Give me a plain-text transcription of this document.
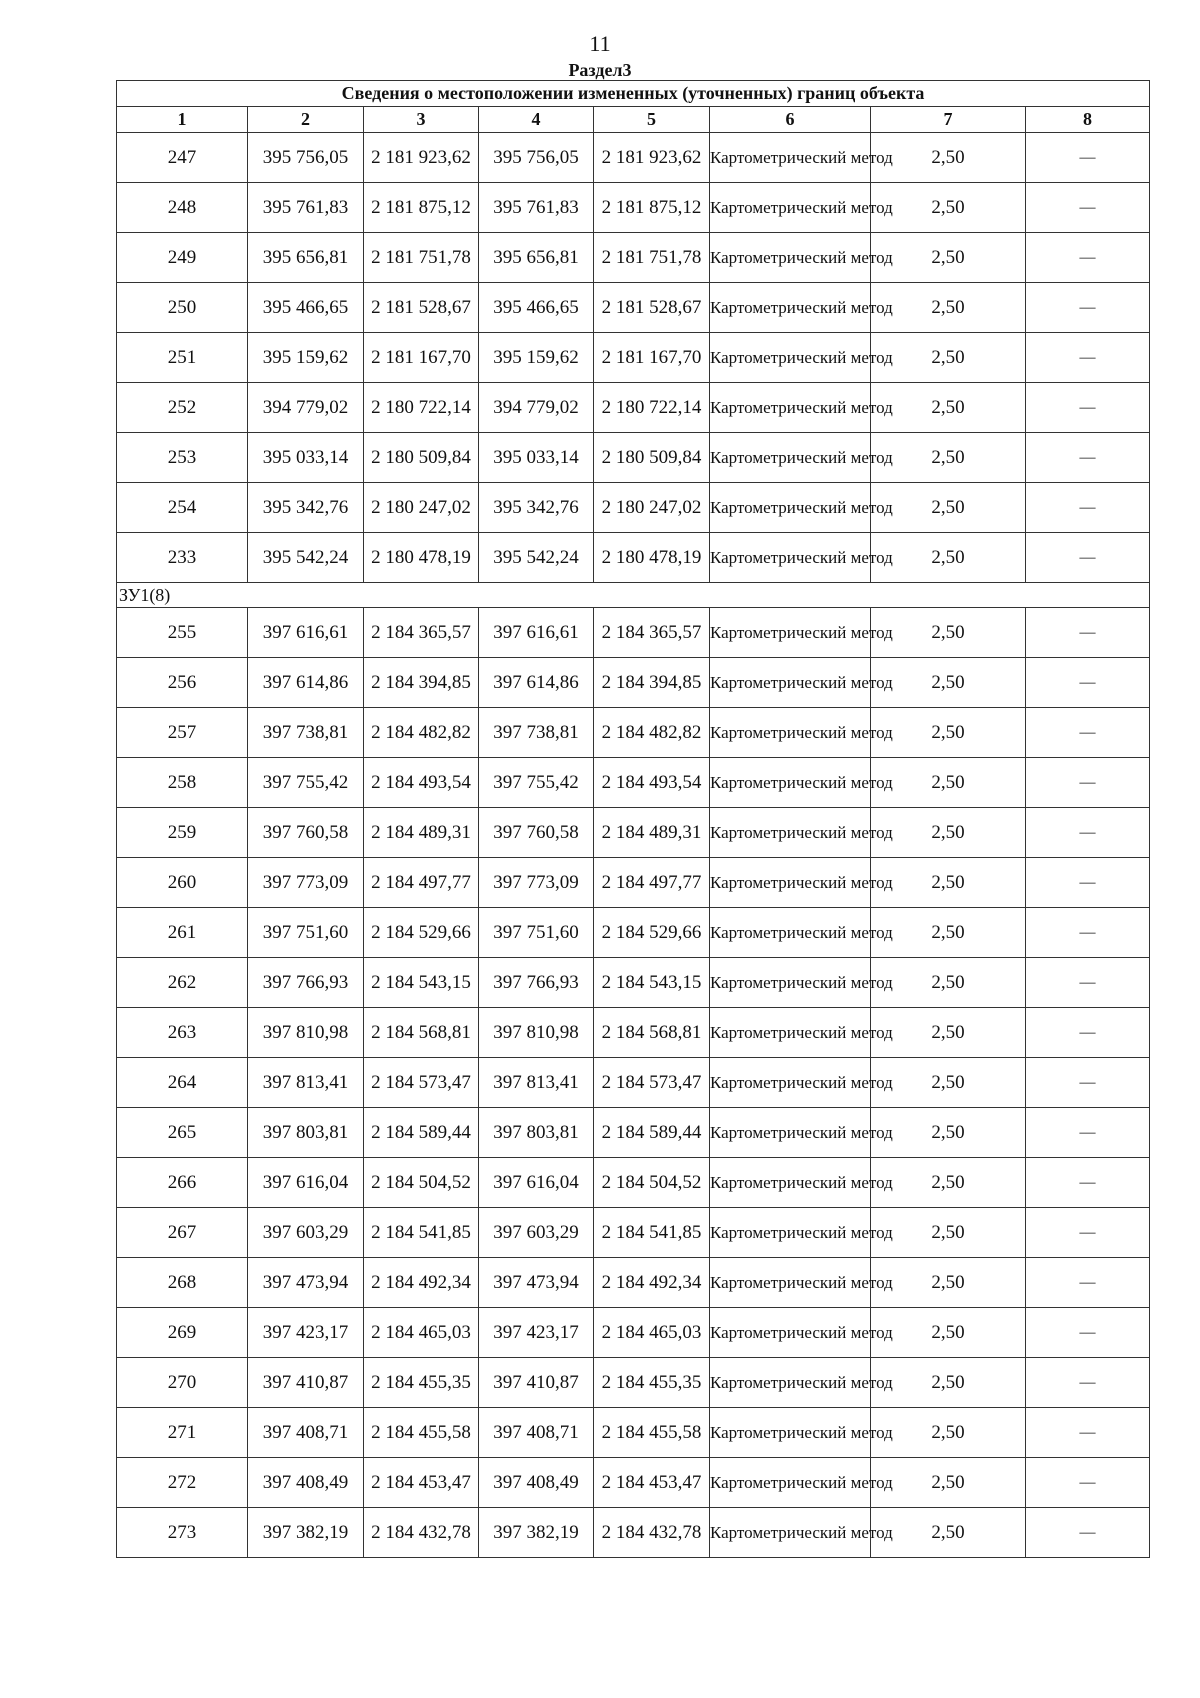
11
Раздел3
Сведения о местоположении измененных (уточненных) границ объекта							
1	2	3	4	5	6	7	8
247	395 756,05	2 181 923,62	395 756,05	2 181 923,62	Картометрический метод	2,50	—
248	395 761,83	2 181 875,12	395 761,83	2 181 875,12	Картометрический метод	2,50	—
249	395 656,81	2 181 751,78	395 656,81	2 181 751,78	Картометрический метод	2,50	—
250	395 466,65	2 181 528,67	395 466,65	2 181 528,67	Картометрический метод	2,50	—
251	395 159,62	2 181 167,70	395 159,62	2 181 167,70	Картометрический метод	2,50	—
252	394 779,02	2 180 722,14	394 779,02	2 180 722,14	Картометрический метод	2,50	—
253	395 033,14	2 180 509,84	395 033,14	2 180 509,84	Картометрический метод	2,50	—
254	395 342,76	2 180 247,02	395 342,76	2 180 247,02	Картометрический метод	2,50	—
233	395 542,24	2 180 478,19	395 542,24	2 180 478,19	Картометрический метод	2,50	—
ЗУ1(8)							
255	397 616,61	2 184 365,57	397 616,61	2 184 365,57	Картометрический метод	2,50	—
256	397 614,86	2 184 394,85	397 614,86	2 184 394,85	Картометрический метод	2,50	—
257	397 738,81	2 184 482,82	397 738,81	2 184 482,82	Картометрический метод	2,50	—
258	397 755,42	2 184 493,54	397 755,42	2 184 493,54	Картометрический метод	2,50	—
259	397 760,58	2 184 489,31	397 760,58	2 184 489,31	Картометрический метод	2,50	—
260	397 773,09	2 184 497,77	397 773,09	2 184 497,77	Картометрический метод	2,50	—
261	397 751,60	2 184 529,66	397 751,60	2 184 529,66	Картометрический метод	2,50	—
262	397 766,93	2 184 543,15	397 766,93	2 184 543,15	Картометрический метод	2,50	—
263	397 810,98	2 184 568,81	397 810,98	2 184 568,81	Картометрический метод	2,50	—
264	397 813,41	2 184 573,47	397 813,41	2 184 573,47	Картометрический метод	2,50	—
265	397 803,81	2 184 589,44	397 803,81	2 184 589,44	Картометрический метод	2,50	—
266	397 616,04	2 184 504,52	397 616,04	2 184 504,52	Картометрический метод	2,50	—
267	397 603,29	2 184 541,85	397 603,29	2 184 541,85	Картометрический метод	2,50	—
268	397 473,94	2 184 492,34	397 473,94	2 184 492,34	Картометрический метод	2,50	—
269	397 423,17	2 184 465,03	397 423,17	2 184 465,03	Картометрический метод	2,50	—
270	397 410,87	2 184 455,35	397 410,87	2 184 455,35	Картометрический метод	2,50	—
271	397 408,71	2 184 455,58	397 408,71	2 184 455,58	Картометрический метод	2,50	—
272	397 408,49	2 184 453,47	397 408,49	2 184 453,47	Картометрический метод	2,50	—
273	397 382,19	2 184 432,78	397 382,19	2 184 432,78	Картометрический метод	2,50	—
